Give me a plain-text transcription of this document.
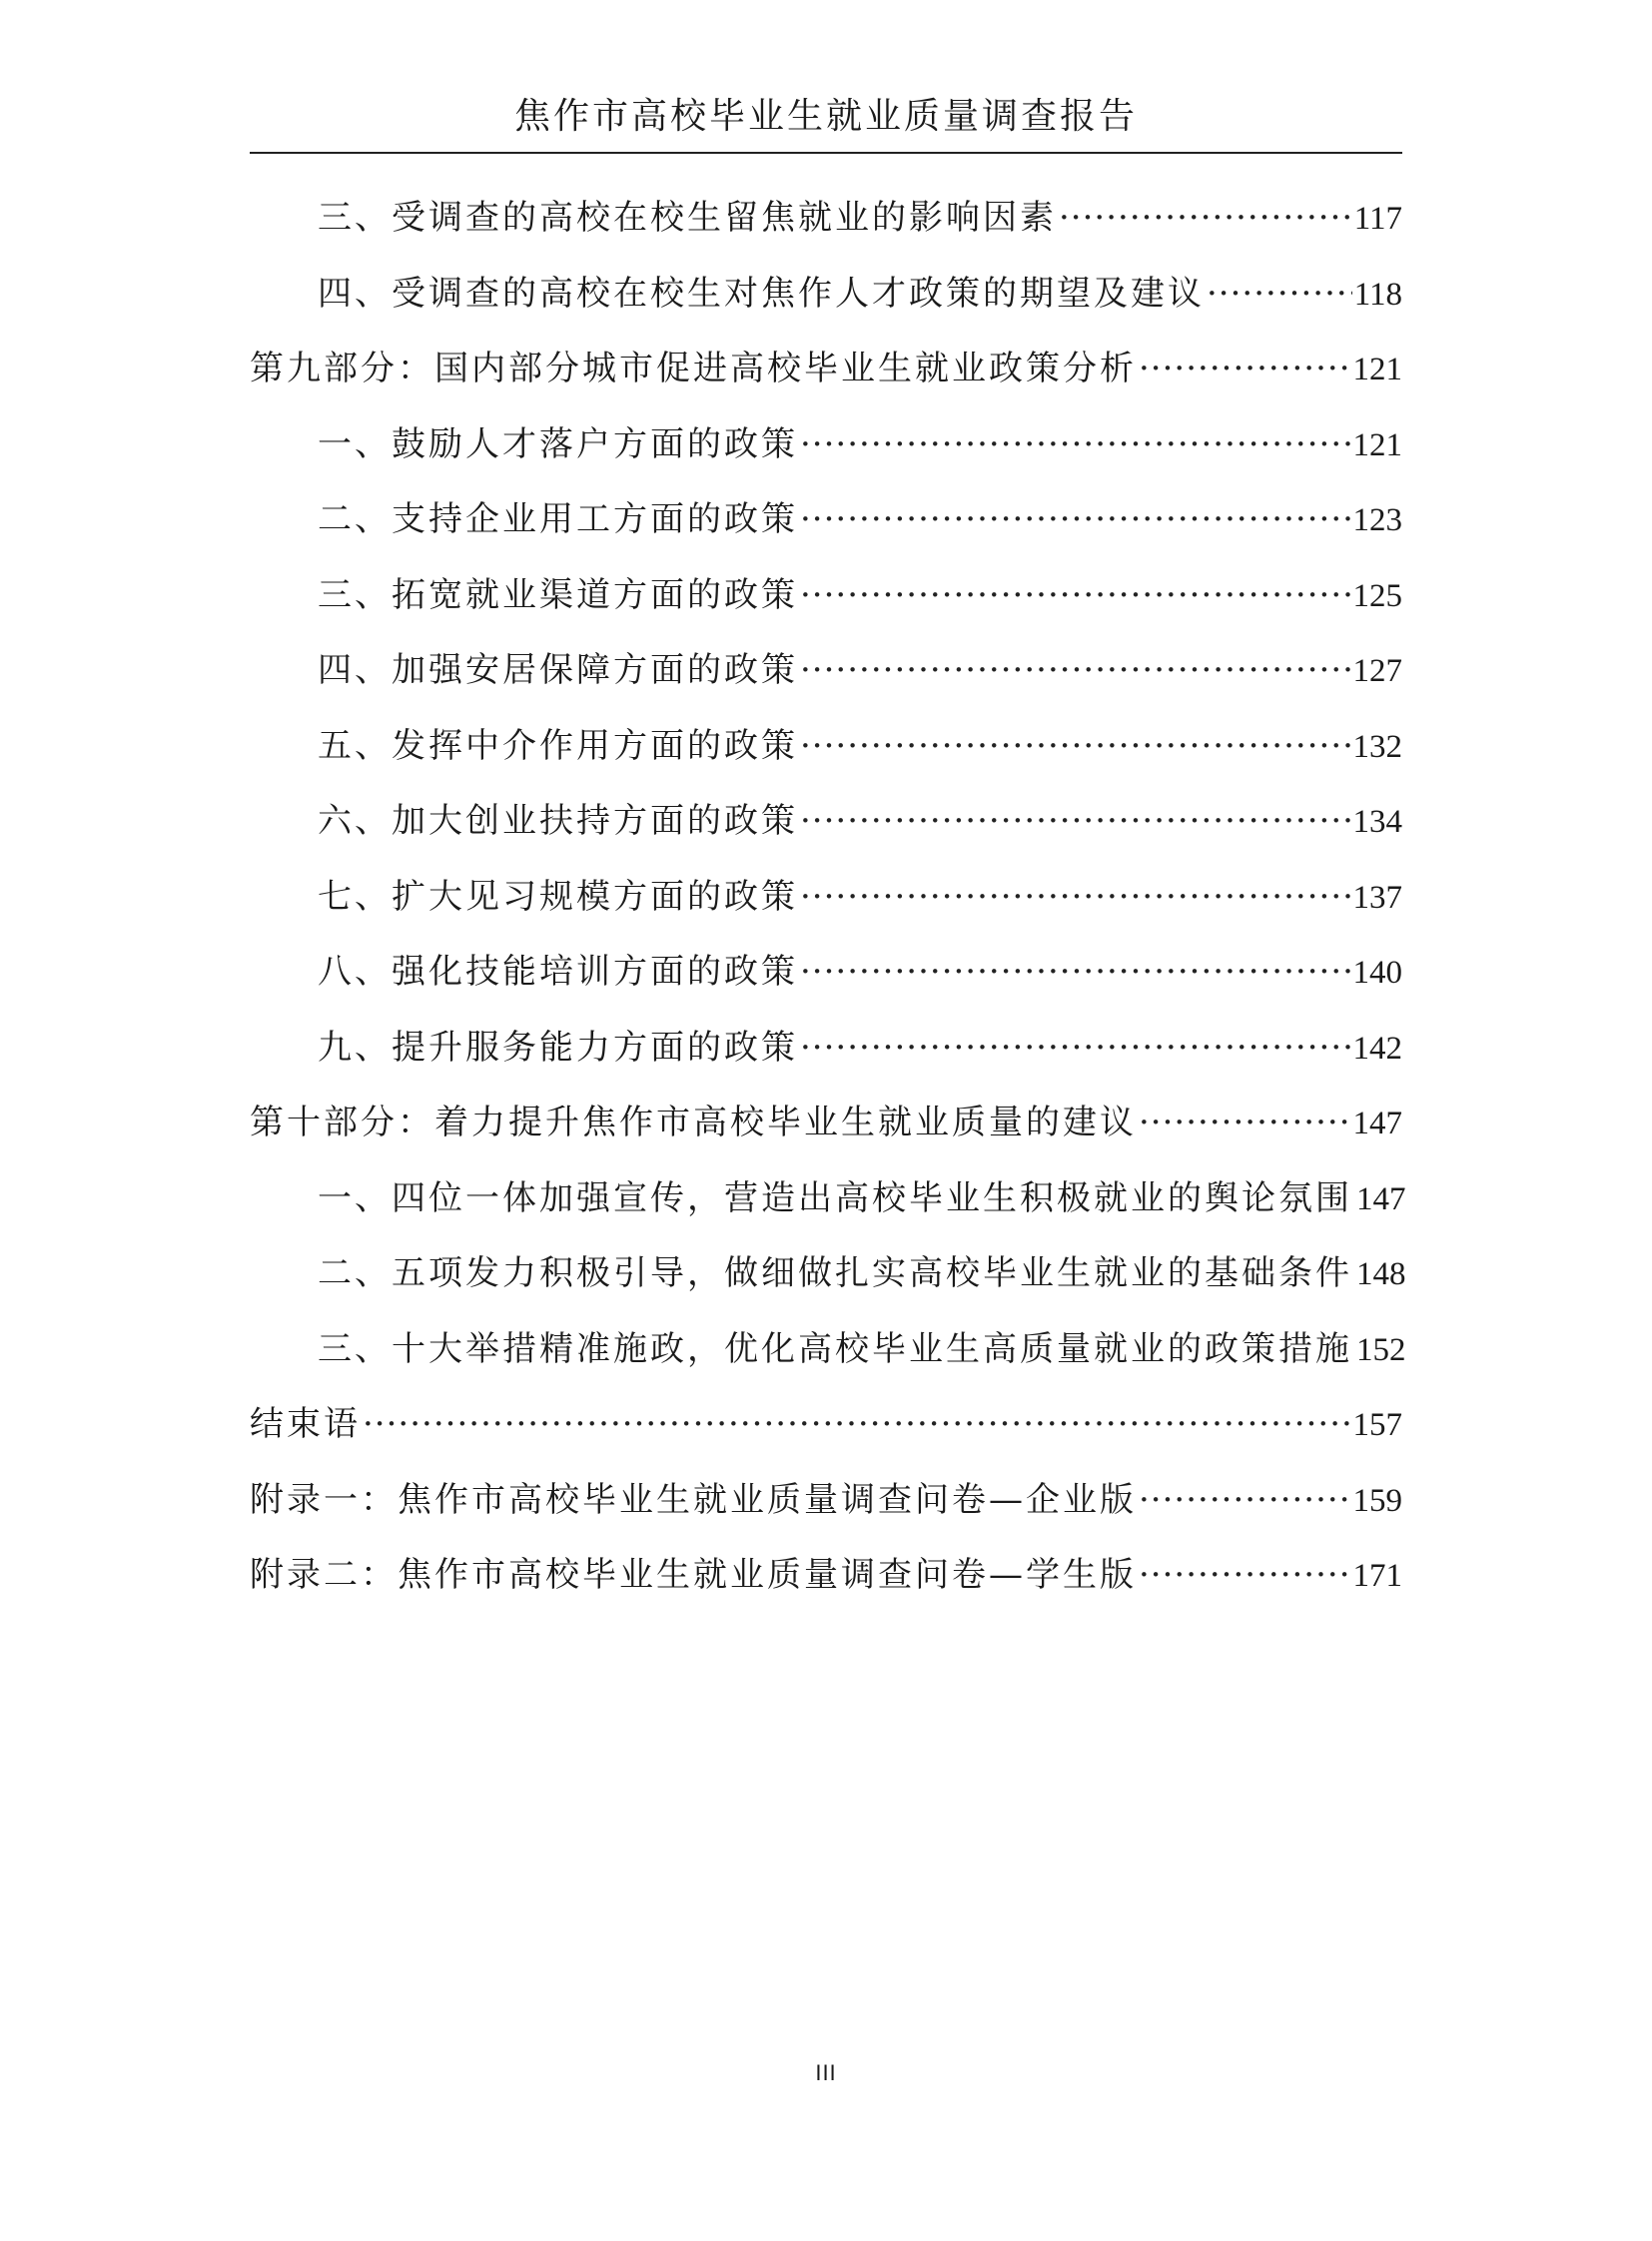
焦作市高校毕业生就业质量调查报告
三、受调查的高校在校生留焦就业的影响因素 ·····	117
四、受调查的高校在校生对焦作人才政策的期望及建议 ·····	118
第九部分：国内部分城市促进高校毕业生就业政策分析 ·····	121
一、鼓励人才落户方面的政策 ·····	121
二、支持企业用工方面的政策 ·····	123
三、拓宽就业渠道方面的政策 ·····	125
四、加强安居保障方面的政策 ·····	127
五、发挥中介作用方面的政策 ·····	132
六、加大创业扶持方面的政策 ·····	134
七、扩大见习规模方面的政策 ·····	137
八、强化技能培训方面的政策 ·····	140
九、提升服务能力方面的政策 ·····	142
第十部分：着力提升焦作市高校毕业生就业质量的建议 ·····	147
一、四位一体加强宣传，营造出高校毕业生积极就业的舆论氛围 147
二、五项发力积极引导，做细做扎实高校毕业生就业的基础条件 148
三、十大举措精准施政，优化高校毕业生高质量就业的政策措施 152
结束语 ·····	157
附录一：焦作市高校毕业生就业质量调查问卷—企业版 ·····	159
附录二：焦作市高校毕业生就业质量调查问卷—学生版 ·····	171
III
